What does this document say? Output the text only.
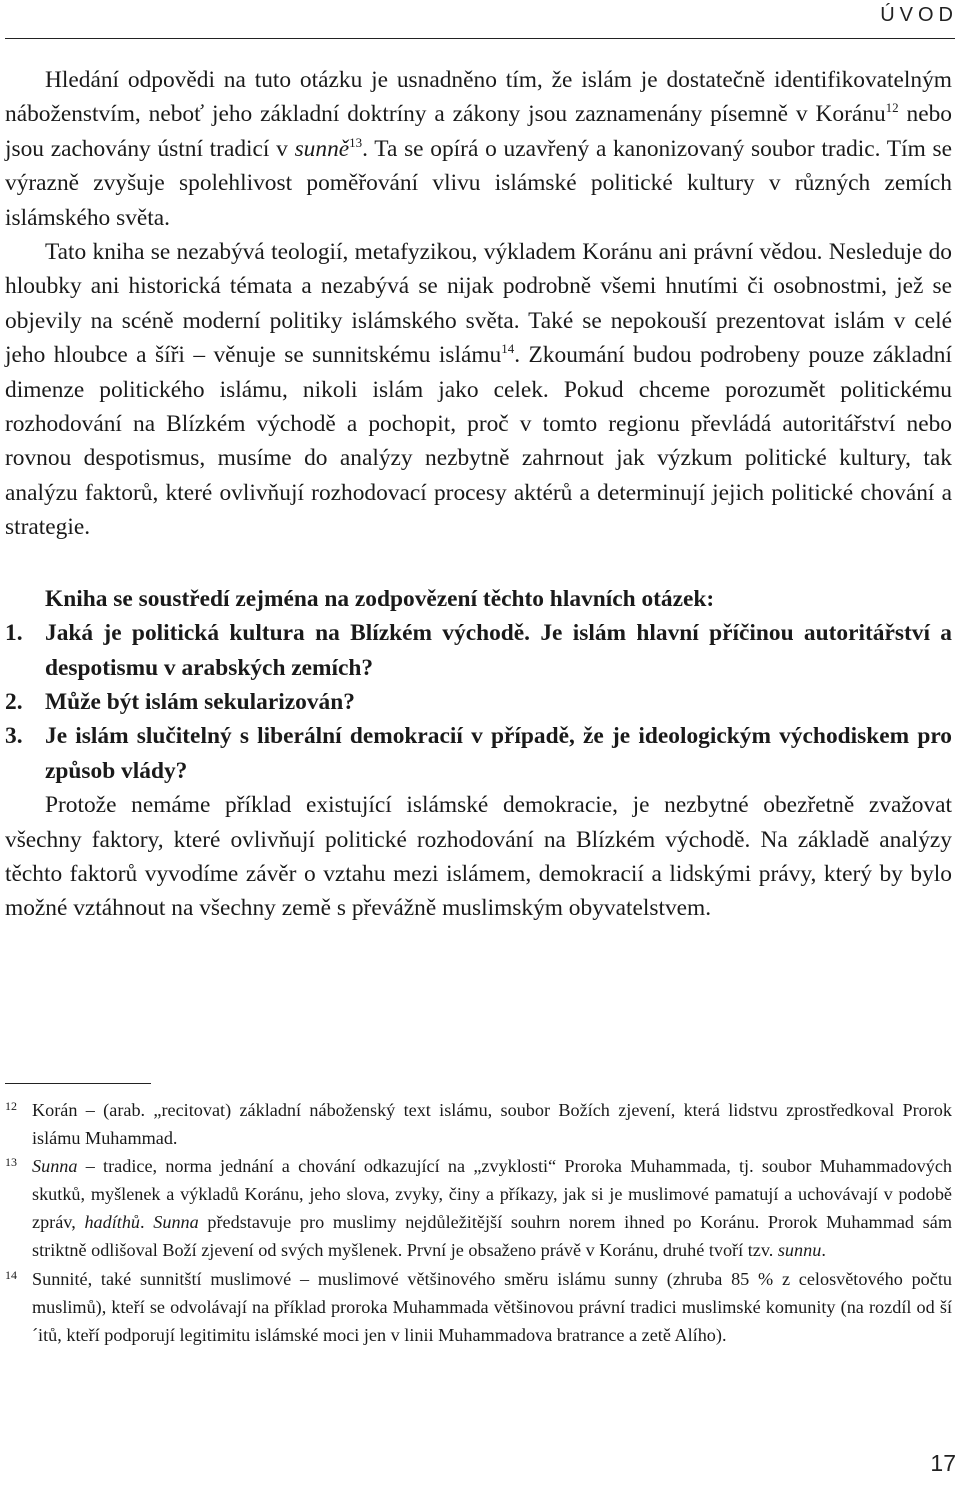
ÚVOD

Hledání odpovědi na tuto otázku je usnadněno tím, že islám je dostatečně identifikovatelným náboženstvím, neboť jeho základní doktríny a zákony jsou zaznamenány písemně v Koránu$^{12}$ nebo jsou zachovány ústní tradicí v sunně$^{13}$. Ta se opírá o uzavřený a kanonizovaný soubor tradic. Tím se výrazně zvyšuje spolehlivost poměřování vlivu islámské politické kultury v různých zemích islámského světa.

Tato kniha se nezabývá teologií, metafyzikou, výkladem Koránu ani právní vědou. Nesleduje do hloubky ani historická témata a nezabývá se nijak podrobně všemi hnutími či osobnostmi, jež se objevily na scéně moderní politiky islámského světa. Také se nepokouší prezentovat islám v celé jeho hloubce a šíři – věnuje se sunnitskému islámu$^{14}$. Zkoumání budou podrobeny pouze základní dimenze politického islámu, nikoli islám jako celek. Pokud chceme porozumět politickému rozhodování na Blízkém východě a pochopit, proč v tomto regionu převládá autoritářství nebo rovnou despotismus, musíme do analýzy nezbytně zahrnout jak výzkum politické kultury, tak analýzu faktorů, které ovlivňují rozhodovací procesy aktérů a determinují jejich politické chování a strategie.

Kniha se soustředí zejména na zodpovězení těchto hlavních otázek:
1. Jaká je politická kultura na Blízkém východě. Je islám hlavní příčinou autoritářství a despotismu v arabských zemích?
2. Může být islám sekularizován?
3. Je islám slučitelný s liberální demokracií v případě, že je ideologickým východiskem pro způsob vlády?

Protože nemáme příklad existující islámské demokracie, je nezbytné obezřetně zvažovat všechny faktory, které ovlivňují politické rozhodování na Blízkém východě. Na základě analýzy těchto faktorů vyvodíme závěr o vztahu mezi islámem, demokracií a lidskými právy, který by bylo možné vztáhnout na všechny země s převážně muslimským obyvatelstvem.

12 Korán – (arab. „recitovat) základní náboženský text islámu, soubor Božích zjevení, která lidstvu zprostředkoval Prorok islámu Muhammad.
13 Sunna – tradice, norma jednání a chování odkazující na „zvyklosti“ Proroka Muhammada, tj. soubor Muhammadových skutků, myšlenek a výkladů Koránu, jeho slova, zvyky, činy a příkazy, jak si je muslimové pamatují a uchovávají v podobě zpráv, hadíthů. Sunna představuje pro muslimy nejdůležitější souhrn norem ihned po Koránu. Prorok Muhammad sám striktně odlišoval Boží zjevení od svých myšlenek. První je obsaženo právě v Koránu, druhé tvoří tzv. sunnu.
14 Sunnité, také sunnitští muslimové – muslimové většinového směru islámu sunny (zhruba 85 % z celosvětového počtu muslimů), kteří se odvolávají na příklad proroka Muhammada většinovou právní tradici muslimské komunity (na rozdíl od ší´itů, kteří podporují legitimitu islámské moci jen v linii Muhammadova bratrance a zetě Alího).
17
